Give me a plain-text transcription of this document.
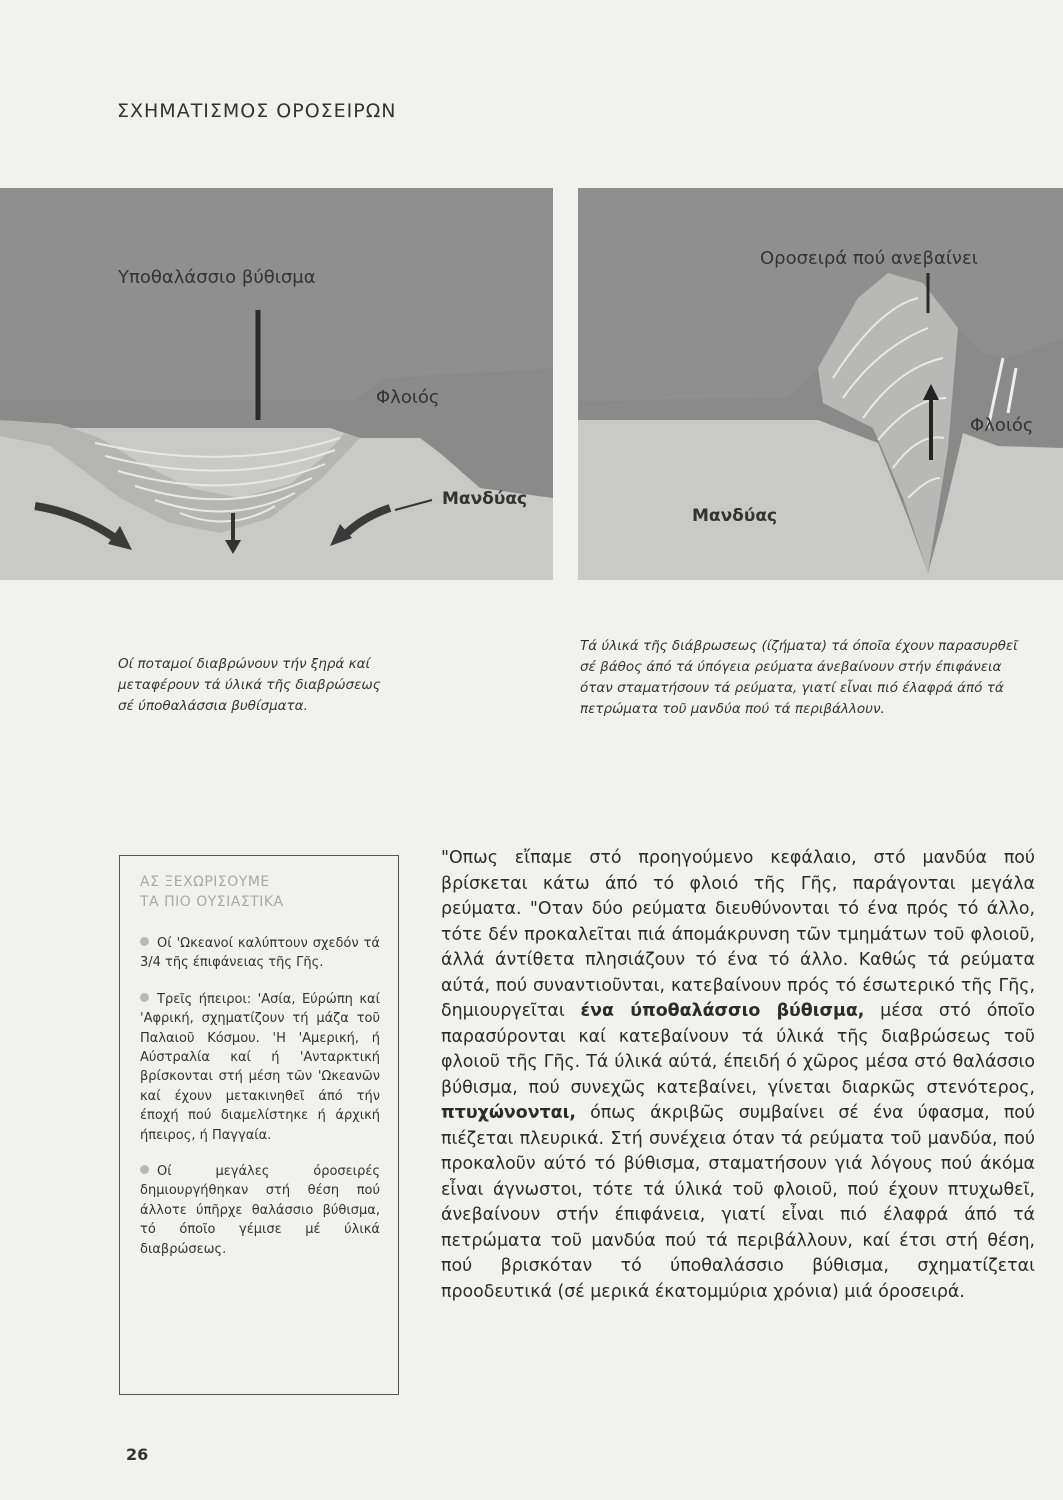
ΣΧΗΜΑΤΙΣΜΟΣ ΟΡΟΣΕΙΡΩΝ
Υποθαλάσσιο βύθισμα
Φλοιός
Μανδύας
Οροσειρά πού ανεβαίνει
Φλοιός
Μανδύας
Οί ποταμοί διαβρώνουν τήν ξηρά καί μεταφέρουν τά ύλικά τῆς διαβρώσεως σέ ύποθαλάσσια βυθίσματα.
Τά ύλικά τῆς διάβρωσεως (ίζήματα) τά όποῖα έχουν παρασυρθεῖ σέ βάθος άπό τά ύπόγεια ρεύματα άνεβαίνουν στήν έπιφάνεια όταν σταματήσουν τά ρεύματα, γιατί εἶναι πιό έλαφρά άπό τά πετρώματα τοῦ μανδύα πού τά περιβάλλουν.
ΑΣ ΞΕΧΩΡΙΣΟΥΜΕ
ΤΑ ΠΙΟ ΟΥΣΙΑΣΤΙΚΑ
Οί 'Ωκεανοί καλύπτουν σχεδόν τά 3/4 τῆς έπιφάνειας τῆς Γῆς.
Τρεῖς ήπειροι: 'Ασία, Εύρώπη καί 'Αφρική, σχηματίζουν τή μάζα τοῦ Παλαιοῦ Κόσμου. 'Η 'Αμερική, ή Αύστραλία καί ή 'Ανταρκτική βρίσκονται στή μέση τῶν 'Ωκεανῶν καί έχουν μετακινηθεῖ άπό τήν έποχή πού διαμελίστηκε ή άρχική ήπειρος, ή Παγγαία.
Οί μεγάλες όροσειρές δημιουργήθηκαν στή θέση πού άλλοτε ύπῆρχε θαλάσσιο βύθισμα, τό όποῖο γέμισε μέ ύλικά διαβρώσεως.
"Οπως εἴπαμε στό προηγούμενο κεφάλαιο, στό μανδύα πού βρίσκεται κάτω άπό τό φλοιό τῆς Γῆς, παράγονται μεγάλα ρεύματα. "Οταν δύο ρεύματα διευθύνονται τό ένα πρός τό άλλο, τότε δέν προκαλεῖται πιά άπομάκρυνση τῶν τμημάτων τοῦ φλοιοῦ, άλλά άντίθετα πλησιάζουν τό ένα τό άλλο. Καθώς τά ρεύματα αύτά, πού συναντιοῦνται, κατεβαίνουν πρός τό έσωτερικό τῆς Γῆς, δημιουργεῖται ένα ύποθαλάσσιο βύθισμα, μέσα στό όποῖο παρασύρονται καί κατεβαίνουν τά ύλικά τῆς διαβρώσεως τοῦ φλοιοῦ τῆς Γῆς. Τά ύλικά αύτά, έπειδή ό χῶρος μέσα στό θαλάσσιο βύθισμα, πού συνεχῶς κατεβαίνει, γίνεται διαρκῶς στενότερος, πτυχώνονται, όπως άκριβῶς συμβαίνει σέ ένα ύφασμα, πού πιέζεται πλευρικά. Στή συνέχεια όταν τά ρεύματα τοῦ μανδύα, πού προκαλοῦν αύτό τό βύθισμα, σταματήσουν γιά λόγους πού άκόμα εἶναι άγνωστοι, τότε τά ύλικά τοῦ φλοιοῦ, πού έχουν πτυχωθεῖ, άνεβαίνουν στήν έπιφάνεια, γιατί εἶναι πιό έλαφρά άπό τά πετρώματα τοῦ μανδύα πού τά περιβάλλουν, καί έτσι στή θέση, πού βρισκόταν τό ύποθαλάσσιο βύθισμα, σχηματίζεται προοδευτικά (σέ μερικά έκατομμύρια χρόνια) μιά όροσειρά.
26
